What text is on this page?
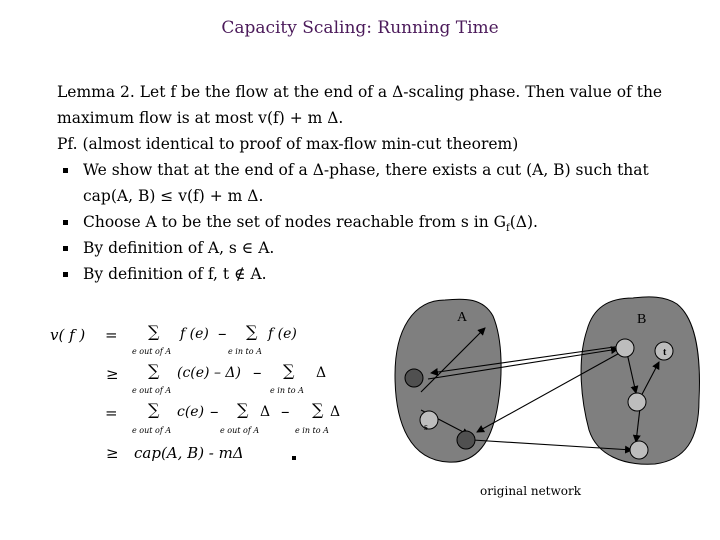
Capacity Scaling: Running Time
Lemma 2. Let f be the flow at the end of a Δ-scaling phase. Then value of the
maximum flow is at most v(f) + m Δ.
Pf. (almost identical to proof of max-flow min-cut theorem)
We show that at the end of a Δ-phase, there exists a cut (A, B) such that
cap(A, B) ≤ v(f) + m Δ.
Choose A to be the set of nodes reachable from s in $G_f(\Delta)$.
By definition of A, s ∈ A.
By definition of f, t ∉ A.
v( f ) = ∑ f (e) – ∑ f (e)
e out of A	e in to A
≥ ∑ (c(e) – Δ) – ∑ Δ
e out of A	e in to A
= ∑ c(e) – ∑ Δ – ∑ Δ
e out of A	e out of A	e in to A
≥ cap(A, B) - mΔ
A	B
s
t
original network
